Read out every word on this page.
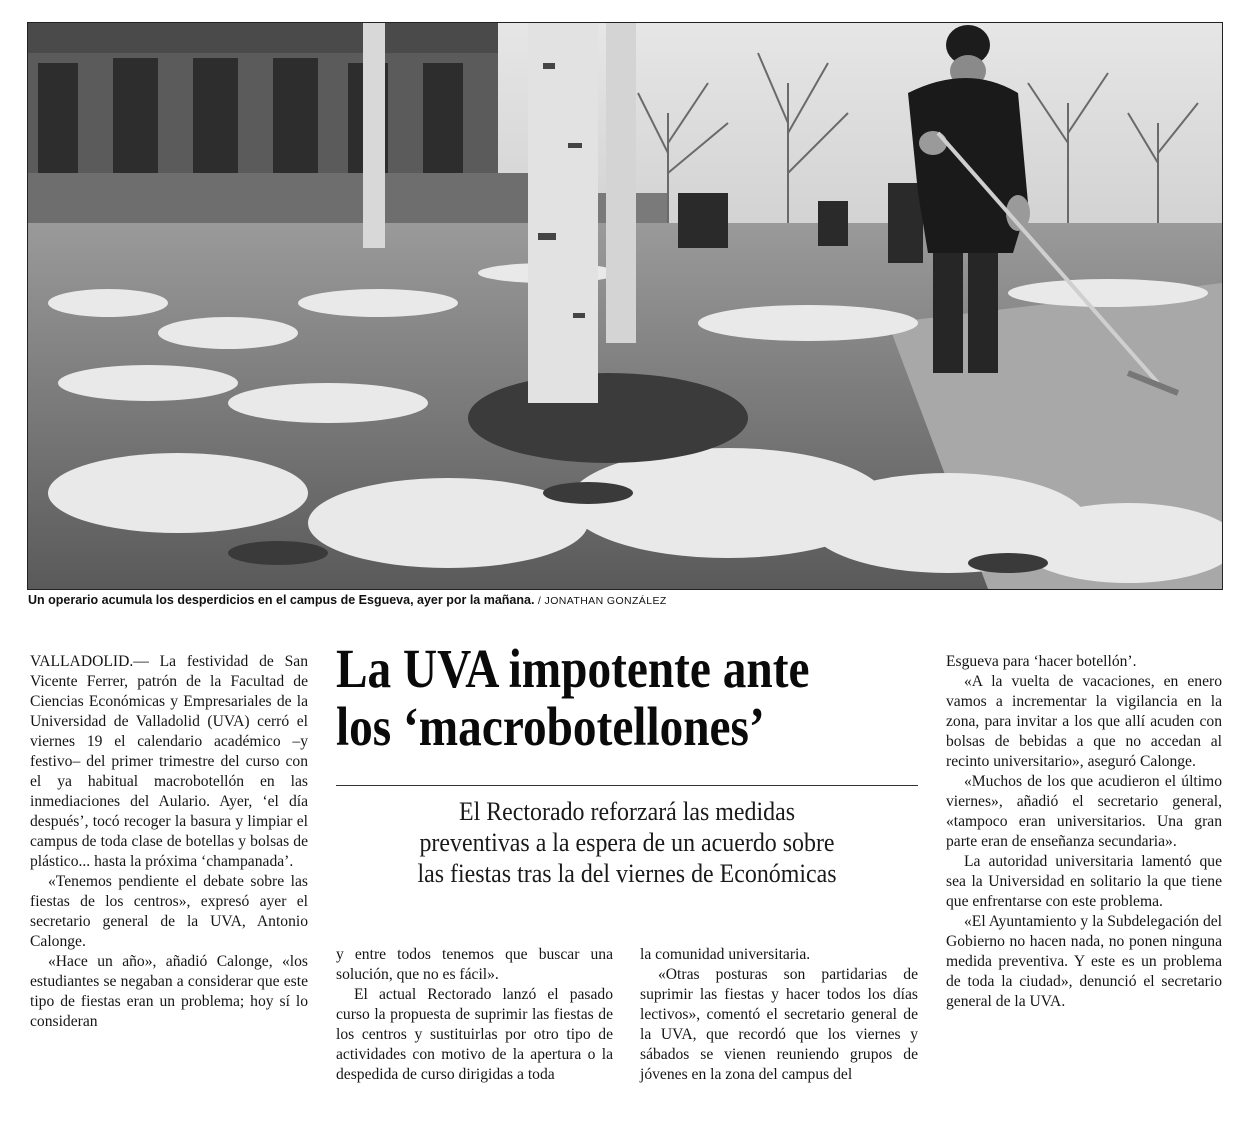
Un operario acumula los desperdicios en el campus de Esgueva, ayer por la mañana. / JONATHAN GONZÁLEZ

VALLADOLID.— La festividad de San Vicente Ferrer, patrón de la Facultad de Ciencias Económicas y Empresariales de la Universidad de Valladolid (UVA) cerró el viernes 19 el calendario académico –y festivo– del primer trimestre del curso con el ya habitual macrobotellón en las inmediaciones del Aulario. Ayer, ‘el día después’, tocó recoger la basura y limpiar el campus de toda clase de botellas y bolsas de plástico... hasta la próxima ‘champanada’.

«Tenemos pendiente el debate sobre las fiestas de los centros», expresó ayer el secretario general de la UVA, Antonio Calonge.

«Hace un año», añadió Calonge, «los estudiantes se negaban a considerar que este tipo de fiestas eran un problema; hoy sí lo consideran

La UVA impotente ante
los ‘macrobotellones’
El Rectorado reforzará las medidas
preventivas a la espera de un acuerdo sobre
las fiestas tras la del viernes de Económicas

y entre todos tenemos que buscar una solución, que no es fácil».

El actual Rectorado lanzó el pasado curso la propuesta de suprimir las fiestas de los centros y sustituirlas por otro tipo de actividades con motivo de la apertura o la despedida de curso dirigidas a toda

la comunidad universitaria.

«Otras posturas son partidarias de suprimir las fiestas y hacer todos los días lectivos», comentó el secretario general de la UVA, que recordó que los viernes y sábados se vienen reuniendo grupos de jóvenes en la zona del campus del

Esgueva para ‘hacer botellón’.

«A la vuelta de vacaciones, en enero vamos a incrementar la vigilancia en la zona, para invitar a los que allí acuden con bolsas de bebidas a que no accedan al recinto universitario», aseguró Calonge.

«Muchos de los que acudieron el último viernes», añadió el secretario general, «tampoco eran universitarios. Una gran parte eran de enseñanza secundaria».

La autoridad universitaria lamentó que sea la Universidad en solitario la que tiene que enfrentarse con este problema.

«El Ayuntamiento y la Subdelegación del Gobierno no hacen nada, no ponen ninguna medida preventiva. Y este es un problema de toda la ciudad», denunció el secretario general de la UVA.
